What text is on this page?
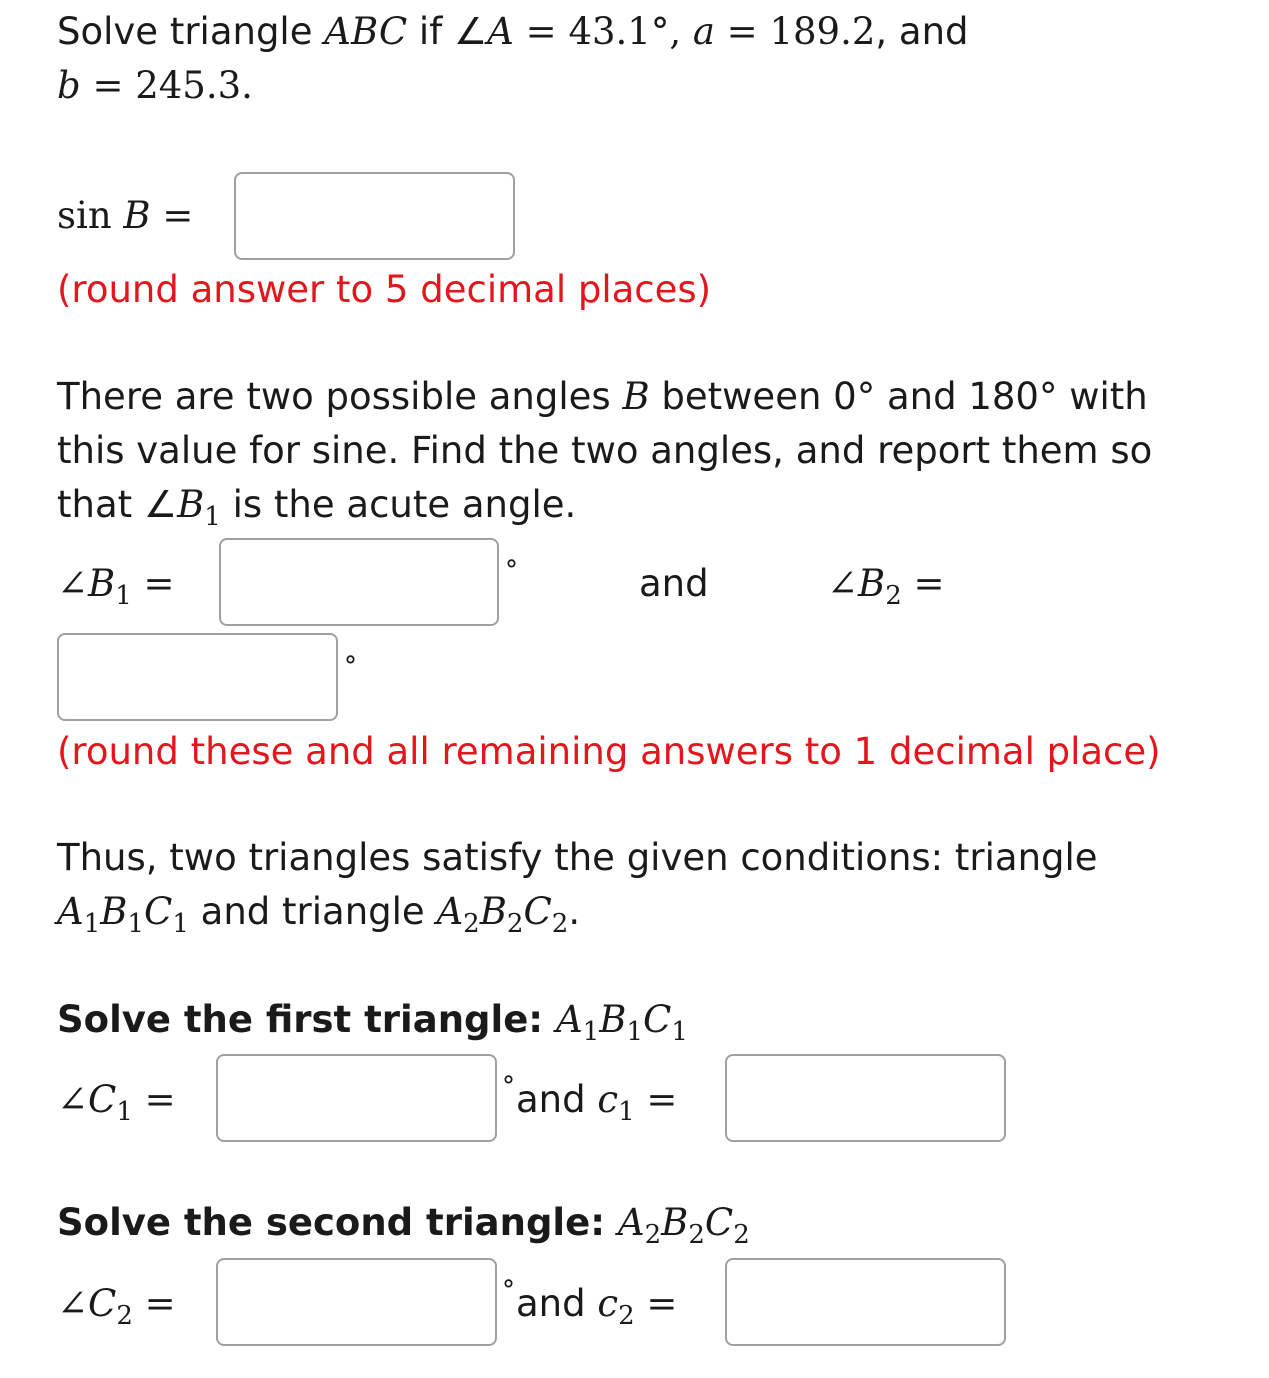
Solve triangle ABC if ∠A = 43.1°, a = 189.2, and
b = 245.3.
sin B =
(round answer to 5 decimal places)
There are two possible angles B between 0° and 180° with
this value for sine. Find the two angles, and report them so
that $\angle B_1$ is the acute angle.
$\angle B_1$ =	°	and	$\angle B_2$ =
°
(round these and all remaining answers to 1 decimal place)
Thus, two triangles satisfy the given conditions: triangle
$A_1B_1C_1$ and triangle $A_2B_2C_2$.
Solve the first triangle: $A_1B_1C_1$
$\angle C_1$ =	° and $c_1$ =
Solve the second triangle: $A_2B_2C_2$
$\angle C_2$ =	° and $c_2$ =
